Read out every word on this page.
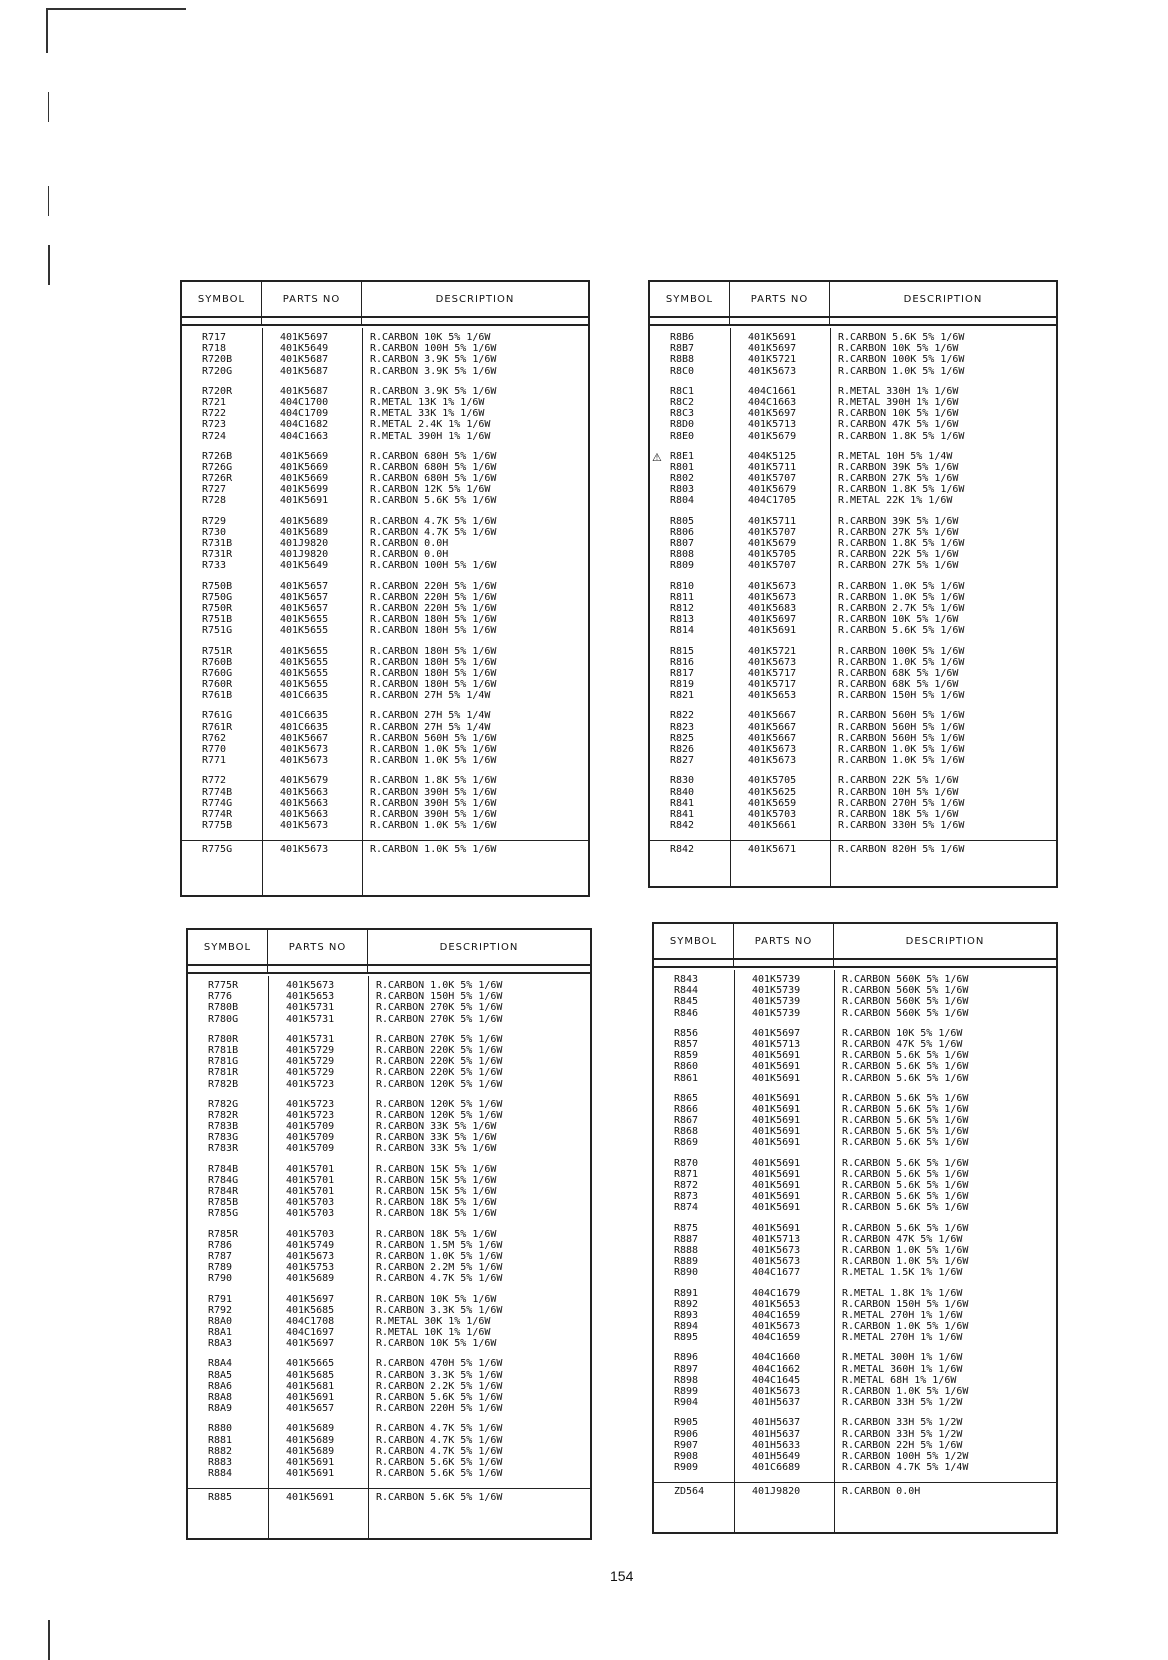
SYMBOL	PARTS NO	DESCRIPTION
R717	401K5697	R.CARBON 10K 5% 1/6W
R718	401K5649	R.CARBON 100H 5% 1/6W
R720B	401K5687	R.CARBON 3.9K 5% 1/6W
R720G	401K5687	R.CARBON 3.9K 5% 1/6W
R720R	401K5687	R.CARBON 3.9K 5% 1/6W
R721	404C1700	R.METAL 13K 1% 1/6W
R722	404C1709	R.METAL 33K 1% 1/6W
R723	404C1682	R.METAL 2.4K 1% 1/6W
R724	404C1663	R.METAL 390H 1% 1/6W
R726B	401K5669	R.CARBON 680H 5% 1/6W
R726G	401K5669	R.CARBON 680H 5% 1/6W
R726R	401K5669	R.CARBON 680H 5% 1/6W
R727	401K5699	R.CARBON 12K 5% 1/6W
R728	401K5691	R.CARBON 5.6K 5% 1/6W
R729	401K5689	R.CARBON 4.7K 5% 1/6W
R730	401K5689	R.CARBON 4.7K 5% 1/6W
R731B	401J9820	R.CARBON 0.0H
R731R	401J9820	R.CARBON 0.0H
R733	401K5649	R.CARBON 100H 5% 1/6W
R750B	401K5657	R.CARBON 220H 5% 1/6W
R750G	401K5657	R.CARBON 220H 5% 1/6W
R750R	401K5657	R.CARBON 220H 5% 1/6W
R751B	401K5655	R.CARBON 180H 5% 1/6W
R751G	401K5655	R.CARBON 180H 5% 1/6W
R751R	401K5655	R.CARBON 180H 5% 1/6W
R760B	401K5655	R.CARBON 180H 5% 1/6W
R760G	401K5655	R.CARBON 180H 5% 1/6W
R760R	401K5655	R.CARBON 180H 5% 1/6W
R761B	401C6635	R.CARBON 27H 5% 1/4W
R761G	401C6635	R.CARBON 27H 5% 1/4W
R761R	401C6635	R.CARBON 27H 5% 1/4W
R762	401K5667	R.CARBON 560H 5% 1/6W
R770	401K5673	R.CARBON 1.0K 5% 1/6W
R771	401K5673	R.CARBON 1.0K 5% 1/6W
R772	401K5679	R.CARBON 1.8K 5% 1/6W
R774B	401K5663	R.CARBON 390H 5% 1/6W
R774G	401K5663	R.CARBON 390H 5% 1/6W
R774R	401K5663	R.CARBON 390H 5% 1/6W
R775B	401K5673	R.CARBON 1.0K 5% 1/6W
R775G	401K5673	R.CARBON 1.0K 5% 1/6W
SYMBOL	PARTS NO	DESCRIPTION
R8B6	401K5691	R.CARBON 5.6K 5% 1/6W
R8B7	401K5697	R.CARBON 10K 5% 1/6W
R8B8	401K5721	R.CARBON 100K 5% 1/6W
R8C0	401K5673	R.CARBON 1.0K 5% 1/6W
R8C1	404C1661	R.METAL 330H 1% 1/6W
R8C2	404C1663	R.METAL 390H 1% 1/6W
R8C3	401K5697	R.CARBON 10K 5% 1/6W
R8D0	401K5713	R.CARBON 47K 5% 1/6W
R8E0	401K5679	R.CARBON 1.8K 5% 1/6W
R8E1	404K5125	R.METAL 10H 5% 1/4W
R801	401K5711	R.CARBON 39K 5% 1/6W
R802	401K5707	R.CARBON 27K 5% 1/6W
R803	401K5679	R.CARBON 1.8K 5% 1/6W
R804	404C1705	R.METAL 22K 1% 1/6W
R805	401K5711	R.CARBON 39K 5% 1/6W
R806	401K5707	R.CARBON 27K 5% 1/6W
R807	401K5679	R.CARBON 1.8K 5% 1/6W
R808	401K5705	R.CARBON 22K 5% 1/6W
R809	401K5707	R.CARBON 27K 5% 1/6W
R810	401K5673	R.CARBON 1.0K 5% 1/6W
R811	401K5673	R.CARBON 1.0K 5% 1/6W
R812	401K5683	R.CARBON 2.7K 5% 1/6W
R813	401K5697	R.CARBON 10K 5% 1/6W
R814	401K5691	R.CARBON 5.6K 5% 1/6W
R815	401K5721	R.CARBON 100K 5% 1/6W
R816	401K5673	R.CARBON 1.0K 5% 1/6W
R817	401K5717	R.CARBON 68K 5% 1/6W
R819	401K5717	R.CARBON 68K 5% 1/6W
R821	401K5653	R.CARBON 150H 5% 1/6W
R822	401K5667	R.CARBON 560H 5% 1/6W
R823	401K5667	R.CARBON 560H 5% 1/6W
R825	401K5667	R.CARBON 560H 5% 1/6W
R826	401K5673	R.CARBON 1.0K 5% 1/6W
R827	401K5673	R.CARBON 1.0K 5% 1/6W
R830	401K5705	R.CARBON 22K 5% 1/6W
R840	401K5625	R.CARBON 10H 5% 1/6W
R841	401K5659	R.CARBON 270H 5% 1/6W
R841	401K5703	R.CARBON 18K 5% 1/6W
R842	401K5661	R.CARBON 330H 5% 1/6W
R842	401K5671	R.CARBON 820H 5% 1/6W
⚠
SYMBOL	PARTS NO	DESCRIPTION
R775R	401K5673	R.CARBON 1.0K 5% 1/6W
R776	401K5653	R.CARBON 150H 5% 1/6W
R780B	401K5731	R.CARBON 270K 5% 1/6W
R780G	401K5731	R.CARBON 270K 5% 1/6W
R780R	401K5731	R.CARBON 270K 5% 1/6W
R781B	401K5729	R.CARBON 220K 5% 1/6W
R781G	401K5729	R.CARBON 220K 5% 1/6W
R781R	401K5729	R.CARBON 220K 5% 1/6W
R782B	401K5723	R.CARBON 120K 5% 1/6W
R782G	401K5723	R.CARBON 120K 5% 1/6W
R782R	401K5723	R.CARBON 120K 5% 1/6W
R783B	401K5709	R.CARBON 33K 5% 1/6W
R783G	401K5709	R.CARBON 33K 5% 1/6W
R783R	401K5709	R.CARBON 33K 5% 1/6W
R784B	401K5701	R.CARBON 15K 5% 1/6W
R784G	401K5701	R.CARBON 15K 5% 1/6W
R784R	401K5701	R.CARBON 15K 5% 1/6W
R785B	401K5703	R.CARBON 18K 5% 1/6W
R785G	401K5703	R.CARBON 18K 5% 1/6W
R785R	401K5703	R.CARBON 18K 5% 1/6W
R786	401K5749	R.CARBON 1.5M 5% 1/6W
R787	401K5673	R.CARBON 1.0K 5% 1/6W
R789	401K5753	R.CARBON 2.2M 5% 1/6W
R790	401K5689	R.CARBON 4.7K 5% 1/6W
R791	401K5697	R.CARBON 10K 5% 1/6W
R792	401K5685	R.CARBON 3.3K 5% 1/6W
R8A0	404C1708	R.METAL 30K 1% 1/6W
R8A1	404C1697	R.METAL 10K 1% 1/6W
R8A3	401K5697	R.CARBON 10K 5% 1/6W
R8A4	401K5665	R.CARBON 470H 5% 1/6W
R8A5	401K5685	R.CARBON 3.3K 5% 1/6W
R8A6	401K5681	R.CARBON 2.2K 5% 1/6W
R8A8	401K5691	R.CARBON 5.6K 5% 1/6W
R8A9	401K5657	R.CARBON 220H 5% 1/6W
R880	401K5689	R.CARBON 4.7K 5% 1/6W
R881	401K5689	R.CARBON 4.7K 5% 1/6W
R882	401K5689	R.CARBON 4.7K 5% 1/6W
R883	401K5691	R.CARBON 5.6K 5% 1/6W
R884	401K5691	R.CARBON 5.6K 5% 1/6W
R885	401K5691	R.CARBON 5.6K 5% 1/6W
SYMBOL	PARTS NO	DESCRIPTION
R843	401K5739	R.CARBON 560K 5% 1/6W
R844	401K5739	R.CARBON 560K 5% 1/6W
R845	401K5739	R.CARBON 560K 5% 1/6W
R846	401K5739	R.CARBON 560K 5% 1/6W
R856	401K5697	R.CARBON 10K 5% 1/6W
R857	401K5713	R.CARBON 47K 5% 1/6W
R859	401K5691	R.CARBON 5.6K 5% 1/6W
R860	401K5691	R.CARBON 5.6K 5% 1/6W
R861	401K5691	R.CARBON 5.6K 5% 1/6W
R865	401K5691	R.CARBON 5.6K 5% 1/6W
R866	401K5691	R.CARBON 5.6K 5% 1/6W
R867	401K5691	R.CARBON 5.6K 5% 1/6W
R868	401K5691	R.CARBON 5.6K 5% 1/6W
R869	401K5691	R.CARBON 5.6K 5% 1/6W
R870	401K5691	R.CARBON 5.6K 5% 1/6W
R871	401K5691	R.CARBON 5.6K 5% 1/6W
R872	401K5691	R.CARBON 5.6K 5% 1/6W
R873	401K5691	R.CARBON 5.6K 5% 1/6W
R874	401K5691	R.CARBON 5.6K 5% 1/6W
R875	401K5691	R.CARBON 5.6K 5% 1/6W
R887	401K5713	R.CARBON 47K 5% 1/6W
R888	401K5673	R.CARBON 1.0K 5% 1/6W
R889	401K5673	R.CARBON 1.0K 5% 1/6W
R890	404C1677	R.METAL 1.5K 1% 1/6W
R891	404C1679	R.METAL 1.8K 1% 1/6W
R892	401K5653	R.CARBON 150H 5% 1/6W
R893	404C1659	R.METAL 270H 1% 1/6W
R894	401K5673	R.CARBON 1.0K 5% 1/6W
R895	404C1659	R.METAL 270H 1% 1/6W
R896	404C1660	R.METAL 300H 1% 1/6W
R897	404C1662	R.METAL 360H 1% 1/6W
R898	404C1645	R.METAL 68H 1% 1/6W
R899	401K5673	R.CARBON 1.0K 5% 1/6W
R904	401H5637	R.CARBON 33H 5% 1/2W
R905	401H5637	R.CARBON 33H 5% 1/2W
R906	401H5637	R.CARBON 33H 5% 1/2W
R907	401H5633	R.CARBON 22H 5% 1/6W
R908	401H5649	R.CARBON 100H 5% 1/2W
R909	401C6689	R.CARBON 4.7K 5% 1/4W
ZD564	401J9820	R.CARBON 0.0H
154
